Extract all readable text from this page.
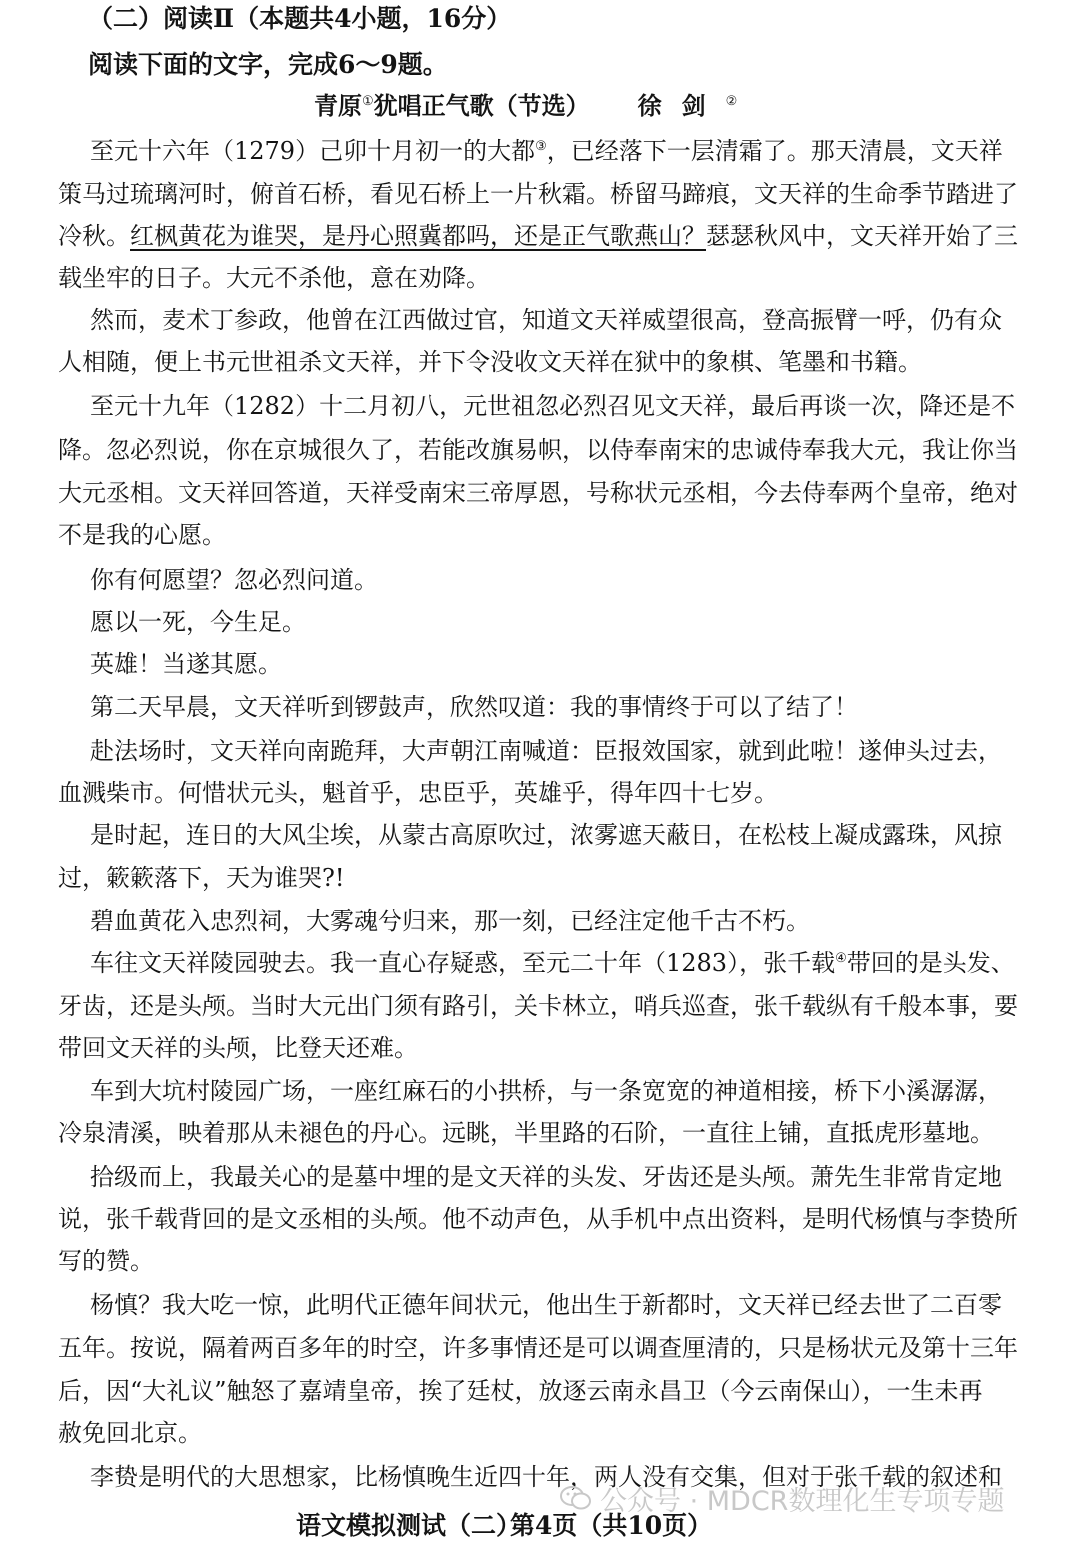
（二）阅读Ⅱ（本题共4小题，16分）
阅读下面的文字，完成6～9题。
青原①犹唱正气歌（节选） 徐剑②
至元十六年（1279）己卯十月初一的大都③，已经落下一层清霜了。那天清晨，文天祥
策马过琉璃河时，俯首石桥，看见石桥上一片秋霜。桥留马蹄痕，文天祥的生命季节踏进了
冷秋。红枫黄花为谁哭，是丹心照冀都吗，还是正气歌燕山？瑟瑟秋风中，文天祥开始了三
载坐牢的日子。大元不杀他，意在劝降。
然而，麦术丁参政，他曾在江西做过官，知道文天祥威望很高，登高振臂一呼，仍有众
人相随，便上书元世祖杀文天祥，并下令没收文天祥在狱中的象棋、笔墨和书籍。
至元十九年（1282）十二月初八，元世祖忽必烈召见文天祥，最后再谈一次，降还是不
降。忽必烈说，你在京城很久了，若能改旗易帜，以侍奉南宋的忠诚侍奉我大元，我让你当
大元丞相。文天祥回答道，天祥受南宋三帝厚恩，号称状元丞相，今去侍奉两个皇帝，绝对
不是我的心愿。
你有何愿望？忽必烈问道。
愿以一死，今生足。
英雄！当遂其愿。
第二天早晨，文天祥听到锣鼓声，欣然叹道：我的事情终于可以了结了！
赴法场时，文天祥向南跪拜，大声朝江南喊道：臣报效国家，就到此啦！遂伸头过去，
血溅柴市。何惜状元头，魁首乎，忠臣乎，英雄乎，得年四十七岁。
是时起，连日的大风尘埃，从蒙古高原吹过，浓雾遮天蔽日，在松枝上凝成露珠，风掠
过，簌簌落下，天为谁哭?!
碧血黄花入忠烈祠，大雾魂兮归来，那一刻，已经注定他千古不朽。
车往文天祥陵园驶去。我一直心存疑惑，至元二十年（1283），张千载④带回的是头发、
牙齿，还是头颅。当时大元出门须有路引，关卡林立，哨兵巡查，张千载纵有千般本事，要
带回文天祥的头颅，比登天还难。
车到大坑村陵园广场，一座红麻石的小拱桥，与一条宽宽的神道相接，桥下小溪潺潺，
冷泉清溪，映着那从未褪色的丹心。远眺，半里路的石阶，一直往上铺，直抵虎形墓地。
拾级而上，我最关心的是墓中埋的是文天祥的头发、牙齿还是头颅。萧先生非常肯定地
说，张千载背回的是文丞相的头颅。他不动声色，从手机中点出资料，是明代杨慎与李贽所
写的赞。
杨慎？我大吃一惊，此明代正德年间状元，他出生于新都时，文天祥已经去世了二百零
五年。按说，隔着两百多年的时空，许多事情还是可以调查厘清的，只是杨状元及第十三年
后，因“大礼议”触怒了嘉靖皇帝，挨了廷杖，放逐云南永昌卫（今云南保山），一生未再
赦免回北京。
李贽是明代的大思想家，比杨慎晚生近四十年，两人没有交集，但对于张千载的叙述和
公众号 · MDCR数理化生专项专题
语文模拟测试（二）
第4页（共10页）
